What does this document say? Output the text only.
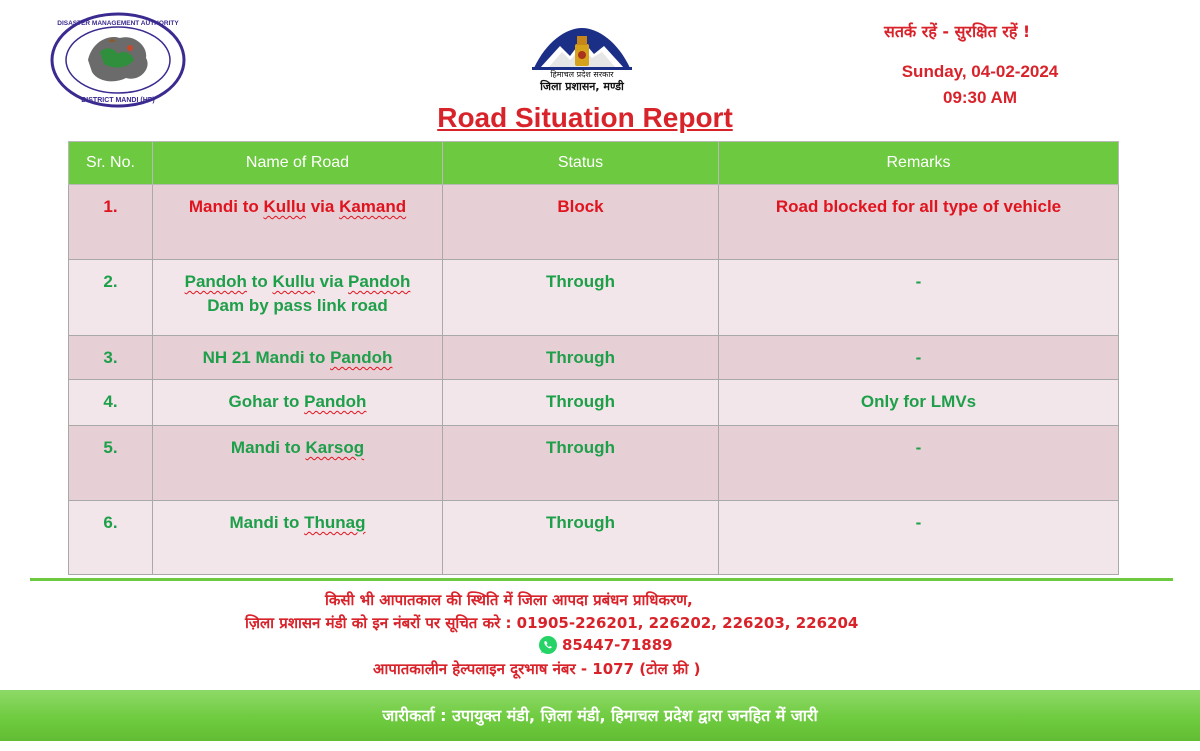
DISASTER MANAGEMENT AUTHORITY
DISTRICT MANDI (HP)
हिमाचल प्रदेश सरकार
जिला प्रशासन, मण्डी
सतर्क रहें - सुरक्षित रहें !
Sunday, 04-02-2024
09:30 AM
Road Situation Report
Sr. No.	Name of Road	Status	Remarks
1.	Mandi to Kullu via Kamand	Block	Road blocked for all type of vehicle
2.	Pandoh to Kullu via Pandoh
Dam by pass link road	Through	-
3.	NH 21 Mandi to Pandoh	Through	-
4.	Gohar to Pandoh	Through	Only for LMVs
5.	Mandi to Karsog	Through	-
6.	Mandi to Thunag	Through	-
किसी भी आपातकाल की स्थिति में जिला आपदा प्रबंधन प्राधिकरण,
ज़िला प्रशासन मंडी को इन नंबरों पर सूचित करे : 01905-226201, 226202, 226203, 226204
85447-71889
आपातकालीन हेल्पलाइन दूरभाष नंबर - 1077 (टोल फ्री )
जारीकर्ता : उपायुक्त मंडी, ज़िला मंडी, हिमाचल प्रदेश द्वारा जनहित में जारी
